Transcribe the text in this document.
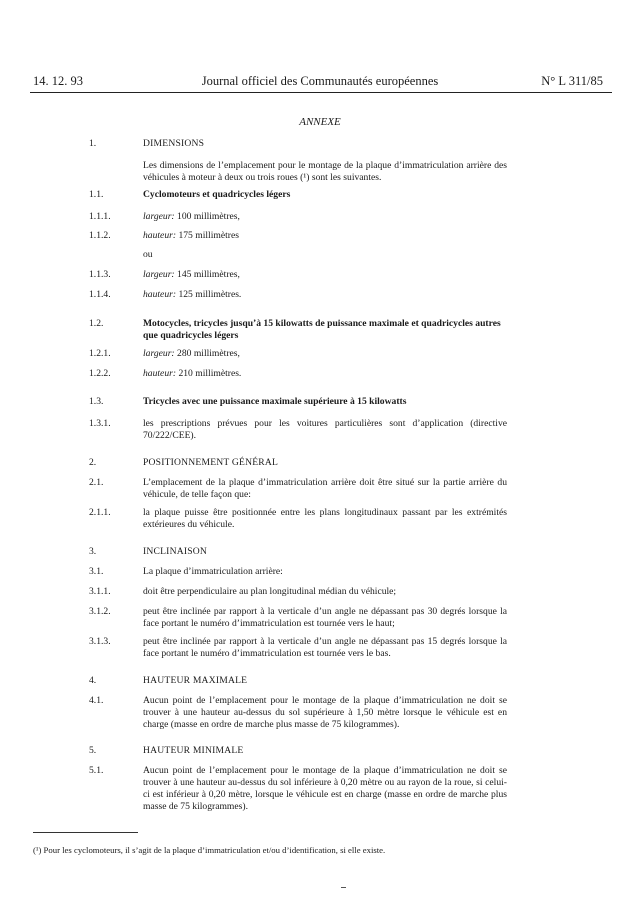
14. 12. 93	Journal officiel des Communautés européennes	N° L 311/85
ANNEXE
1.	DIMENSIONS
Les dimensions de l’emplacement pour le montage de la plaque d’immatriculation arrière des véhicules à moteur à deux ou trois roues (¹) sont les suivantes.
1.1.	Cyclomoteurs et quadricycles légers
1.1.1.	largeur: 100 millimètres,
1.1.2.	hauteur: 175 millimètres
ou
1.1.3.	largeur: 145 millimètres,
1.1.4.	hauteur: 125 millimètres.
1.2.	Motocycles, tricycles jusqu’à 15 kilowatts de puissance maximale et quadricycles autres que quadricycles légers
1.2.1.	largeur: 280 millimètres,
1.2.2.	hauteur: 210 millimètres.
1.3.	Tricycles avec une puissance maximale supérieure à 15 kilowatts
1.3.1.	les prescriptions prévues pour les voitures particulières sont d’application (directive 70/222/CEE).
2.	POSITIONNEMENT GÉNÉRAL
2.1.	L’emplacement de la plaque d’immatriculation arrière doit être situé sur la partie arrière du véhicule, de telle façon que:
2.1.1.	la plaque puisse être positionnée entre les plans longitudinaux passant par les extrémités extérieures du véhicule.
3.	INCLINAISON
3.1.	La plaque d’immatriculation arrière:
3.1.1.	doit être perpendiculaire au plan longitudinal médian du véhicule;
3.1.2.	peut être inclinée par rapport à la verticale d’un angle ne dépassant pas 30 degrés lorsque la face portant le numéro d’immatriculation est tournée vers le haut;
3.1.3.	peut être inclinée par rapport à la verticale d’un angle ne dépassant pas 15 degrés lorsque la face portant le numéro d’immatriculation est tournée vers le bas.
4.	HAUTEUR MAXIMALE
4.1.	Aucun point de l’emplacement pour le montage de la plaque d’immatriculation ne doit se trouver à une hauteur au-dessus du sol supérieure à 1,50 mètre lorsque le véhicule est en charge (masse en ordre de marche plus masse de 75 kilogrammes).
5.	HAUTEUR MINIMALE
5.1.	Aucun point de l’emplacement pour le montage de la plaque d’immatriculation ne doit se trouver à une hauteur au-dessus du sol inférieure à 0,20 mètre ou au rayon de la roue, si celui-ci est inférieur à 0,20 mètre, lorsque le véhicule est en charge (masse en ordre de marche plus masse de 75 kilogrammes).
(¹) Pour les cyclomoteurs, il s’agit de la plaque d’immatriculation et/ou d’identification, si elle existe.
